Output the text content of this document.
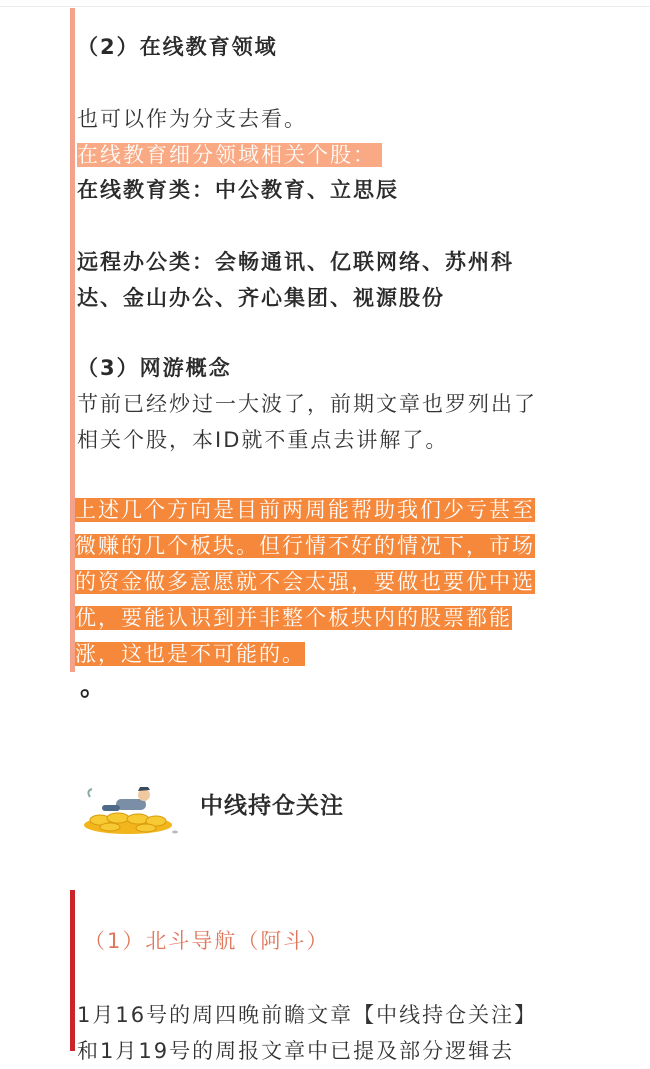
（2）在线教育领域
也可以作为分支去看。
在线教育细分领域相关个股：
在线教育类：中公教育、立思辰
远程办公类：会畅通讯、亿联网络、苏州科
达、金山办公、齐心集团、视源股份
（3）网游概念
节前已经炒过一大波了，前期文章也罗列出了
相关个股，本ID就不重点去讲解了。
上述几个方向是目前两周能帮助我们少亏甚至
微赚的几个板块。但行情不好的情况下，市场
的资金做多意愿就不会太强，要做也要优中选
优，要能认识到并非整个板块内的股票都能
涨，这也是不可能的。
。
中线持仓关注
（1）北斗导航（阿斗）
1月16号的周四晚前瞻文章【中线持仓关注】
和1月19号的周报文章中已提及部分逻辑去
